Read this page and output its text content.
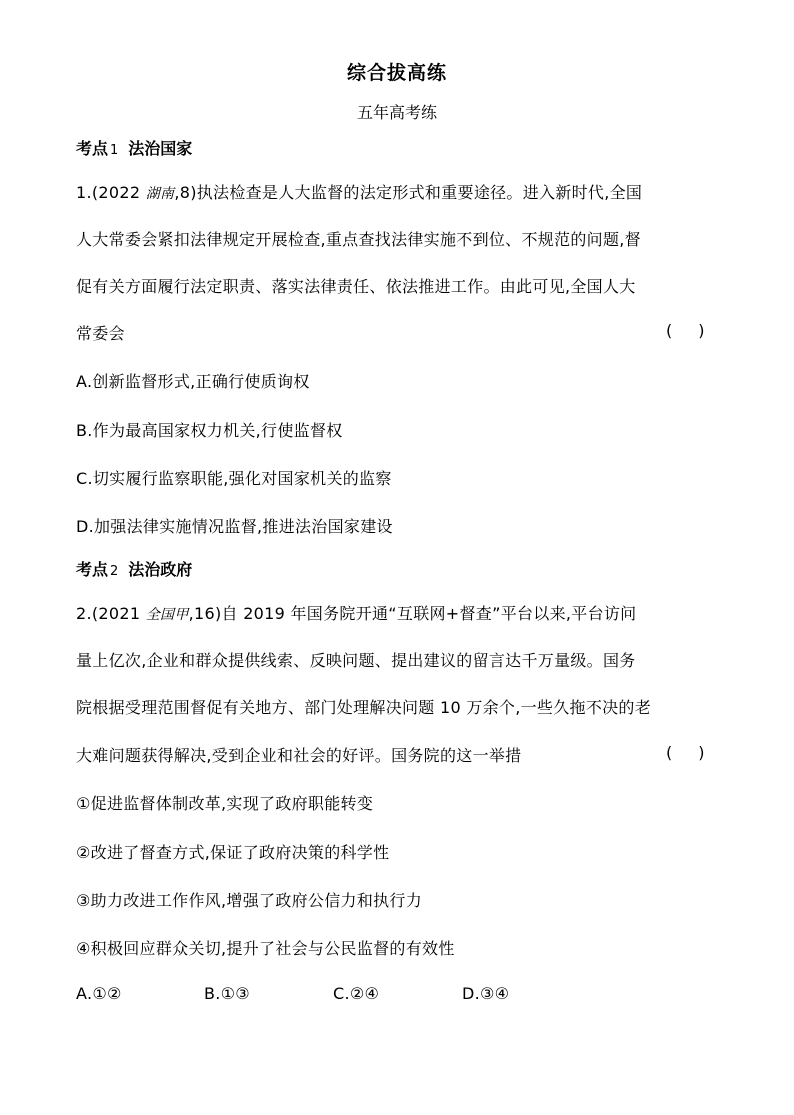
综合拔高练
五年高考练
考点 1 法治国家
1.(2022 湖南,8)执法检查是人大监督的法定形式和重要途径。进入新时代,全国
人大常委会紧扣法律规定开展检查,重点查找法律实施不到位、不规范的问题,督
促有关方面履行法定职责、落实法律责任、依法推进工作。由此可见,全国人大
常委会	()
A.创新监督形式,正确行使质询权
B.作为最高国家权力机关,行使监督权
C.切实履行监察职能,强化对国家机关的监察
D.加强法律实施情况监督,推进法治国家建设
考点 2 法治政府
2.(2021 全国甲,16)自 2019 年国务院开通“互联网+督查”平台以来,平台访问
量上亿次,企业和群众提供线索、反映问题、提出建议的留言达千万量级。国务
院根据受理范围督促有关地方、部门处理解决问题 10 万余个,一些久拖不决的老
大难问题获得解决,受到企业和社会的好评。国务院的这一举措	()
①促进监督体制改革,实现了政府职能转变
②改进了督查方式,保证了政府决策的科学性
③助力改进工作作风,增强了政府公信力和执行力
④积极回应群众关切,提升了社会与公民监督的有效性
A.①②	B.①③	C.②④	D.③④
